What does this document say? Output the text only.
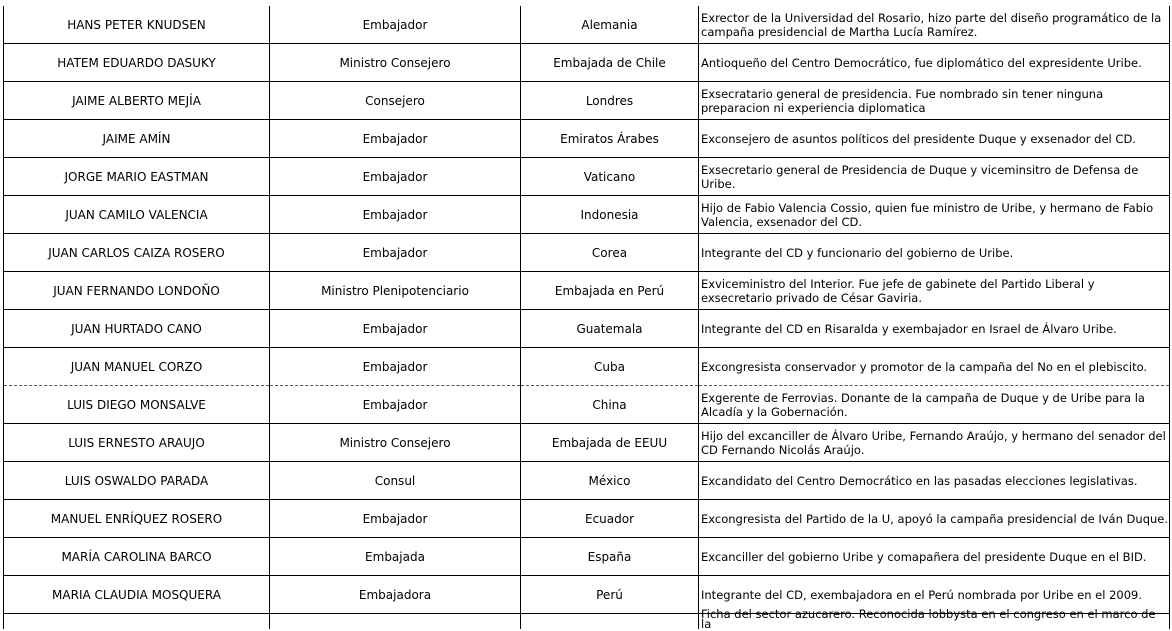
HANS PETER KNUDSEN	Embajador	Alemania	Exrector de la Universidad del Rosario, hizo parte del diseño programático de la campaña presidencial de Martha Lucía Ramírez.
HATEM EDUARDO DASUKY	Ministro Consejero	Embajada de Chile	Antioqueño del Centro Democrático, fue diplomático del expresidente Uribe.
JAIME ALBERTO MEJÍA	Consejero	Londres	Exsecratario general de presidencia. Fue nombrado sin tener ninguna preparacion ni experiencia diplomatica
JAIME AMÍN	Embajador	Emiratos Árabes	Exconsejero de asuntos políticos del presidente Duque y exsenador del CD.
JORGE MARIO EASTMAN	Embajador	Vaticano	Exsecretario general de Presidencia de Duque y viceminsitro de Defensa de Uribe.
JUAN CAMILO VALENCIA	Embajador	Indonesia	Hijo de Fabio Valencia Cossio, quien fue ministro de Uribe, y hermano de Fabio Valencia, exsenador del CD.
JUAN CARLOS CAIZA ROSERO	Embajador	Corea	Integrante del CD y funcionario del gobierno de Uribe.
JUAN FERNANDO LONDOÑO	Ministro Plenipotenciario	Embajada en Perú	Exviceministro del Interior. Fue jefe de gabinete del Partido Liberal y exsecretario privado de César Gaviria.
JUAN HURTADO CANO	Embajador	Guatemala	Integrante del CD en Risaralda y exembajador en Israel de Álvaro Uribe.
JUAN MANUEL CORZO	Embajador	Cuba	Excongresista conservador y promotor de la campaña del No en el plebiscito.
LUIS DIEGO MONSALVE	Embajador	China	Exgerente de Ferrovias. Donante de la campaña de Duque y de Uribe para la Alcadía y la Gobernación.
LUIS ERNESTO ARAUJO	Ministro Consejero	Embajada de EEUU	Hijo del excanciller de Álvaro Uribe, Fernando Araújo, y hermano del senador del CD Fernando Nicolás Araújo.
LUIS OSWALDO PARADA	Consul	México	Excandidato del Centro Democrático en las pasadas elecciones legislativas.
MANUEL ENRÍQUEZ ROSERO	Embajador	Ecuador	Excongresista del Partido de la U, apoyó la campaña presidencial de Iván Duque.
MARÍA CAROLINA BARCO	Embajada	España	Excanciller del gobierno Uribe y comapañera del presidente Duque en el BID.
MARIA CLAUDIA MOSQUERA	Embajadora	Perú	Integrante del CD, exembajadora en el Perú nombrada por Uribe en el 2009.

			Ficha del sector azucarero. Reconocida lobbysta en el congreso en el marco de la
